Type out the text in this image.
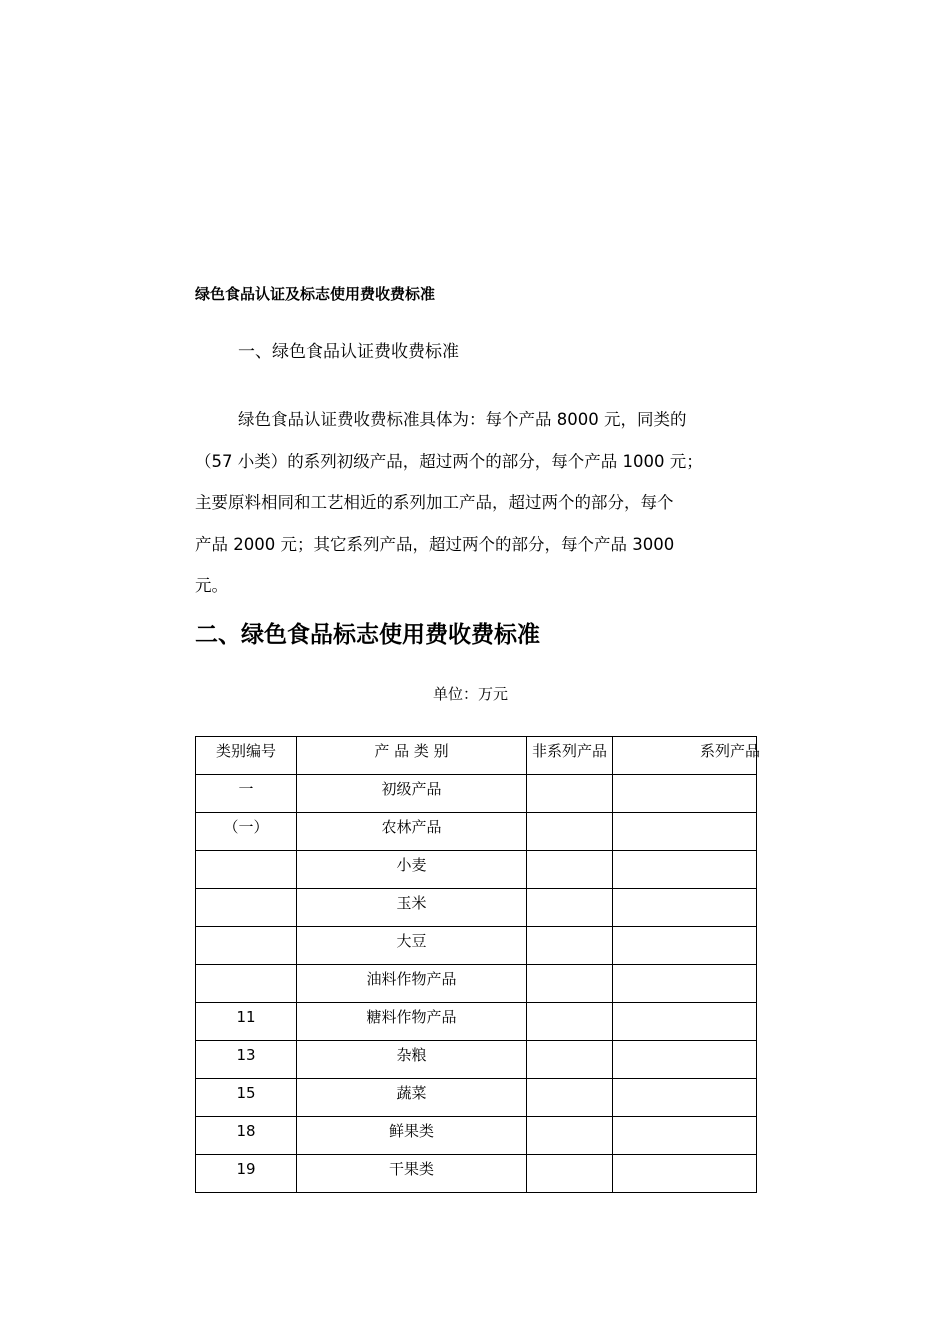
绿色食品认证及标志使用费收费标准
一、绿色食品认证费收费标准
绿色食品认证费收费标准具体为：每个产品 8000 元，同类的
（57 小类）的系列初级产品，超过两个的部分，每个产品 1000 元；
主要原料相同和工艺相近的系列加工产品，超过两个的部分，每个
产品 2000 元；其它系列产品，超过两个的部分，每个产品 3000
元。
二、绿色食品标志使用费收费标准
单位：万元
类别编号	产 品 类 别	非系列产品	系列产品
一	初级产品		
（一）	农林产品		
	小麦		
	玉米		
	大豆		
	油料作物产品		
11	糖料作物产品		
13	杂粮		
15	蔬菜		
18	鲜果类		
19	干果类		
